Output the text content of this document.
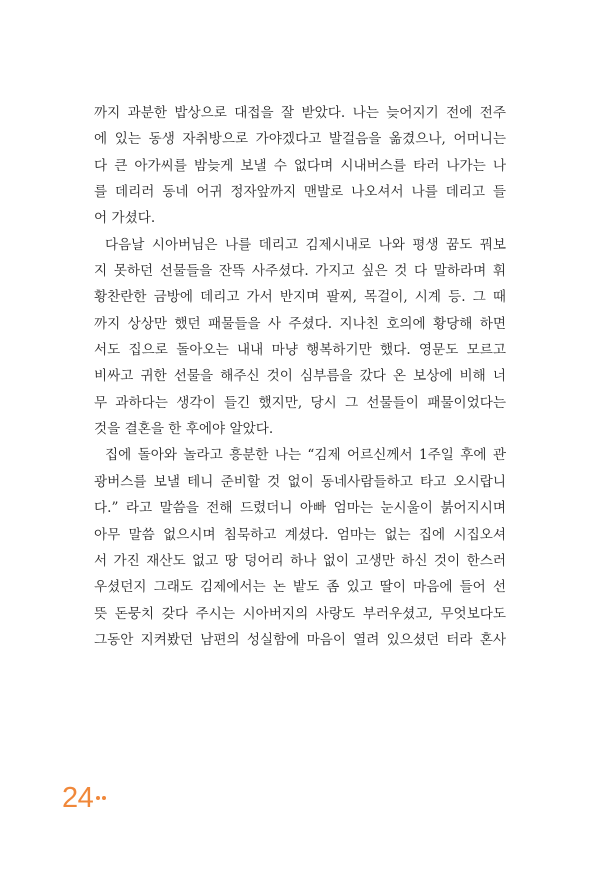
까지 과분한 밥상으로 대접을 잘 받았다. 나는 늦어지기 전에 전주
에 있는 동생 자취방으로 가야겠다고 발걸음을 옮겼으나, 어머니는
다 큰 아가씨를 밤늦게 보낼 수 없다며 시내버스를 타러 나가는 나
를 데리러 동네 어귀 정자앞까지 맨발로 나오셔서 나를 데리고 들
어 가셨다.
다음날 시아버님은 나를 데리고 김제시내로 나와 평생 꿈도 꿔보
지 못하던 선물들을 잔뜩 사주셨다. 가지고 싶은 것 다 말하라며 휘
황찬란한 금방에 데리고 가서 반지며 팔찌, 목걸이, 시계 등. 그 때
까지 상상만 했던 패물들을 사 주셨다. 지나친 호의에 황당해 하면
서도 집으로 돌아오는 내내 마냥 행복하기만 했다. 영문도 모르고
비싸고 귀한 선물을 해주신 것이 심부름을 갔다 온 보상에 비해 너
무 과하다는 생각이 들긴 했지만, 당시 그 선물들이 패물이었다는
것을 결혼을 한 후에야 알았다.
집에 돌아와 놀라고 흥분한 나는 “김제 어르신께서 1주일 후에 관
광버스를 보낼 테니 준비할 것 없이 동네사람들하고 타고 오시랍니
다.” 라고 말씀을 전해 드렸더니 아빠 엄마는 눈시울이 붉어지시며
아무 말씀 없으시며 침묵하고 계셨다. 엄마는 없는 집에 시집오셔
서 가진 재산도 없고 땅 덩어리 하나 없이 고생만 하신 것이 한스러
우셨던지 그래도 김제에서는 논 밭도 좀 있고 딸이 마음에 들어 선
뜻 돈뭉치 갖다 주시는 시아버지의 사랑도 부러우셨고, 무엇보다도
그동안 지켜봤던 남편의 성실함에 마음이 열려 있으셨던 터라 혼사
24
